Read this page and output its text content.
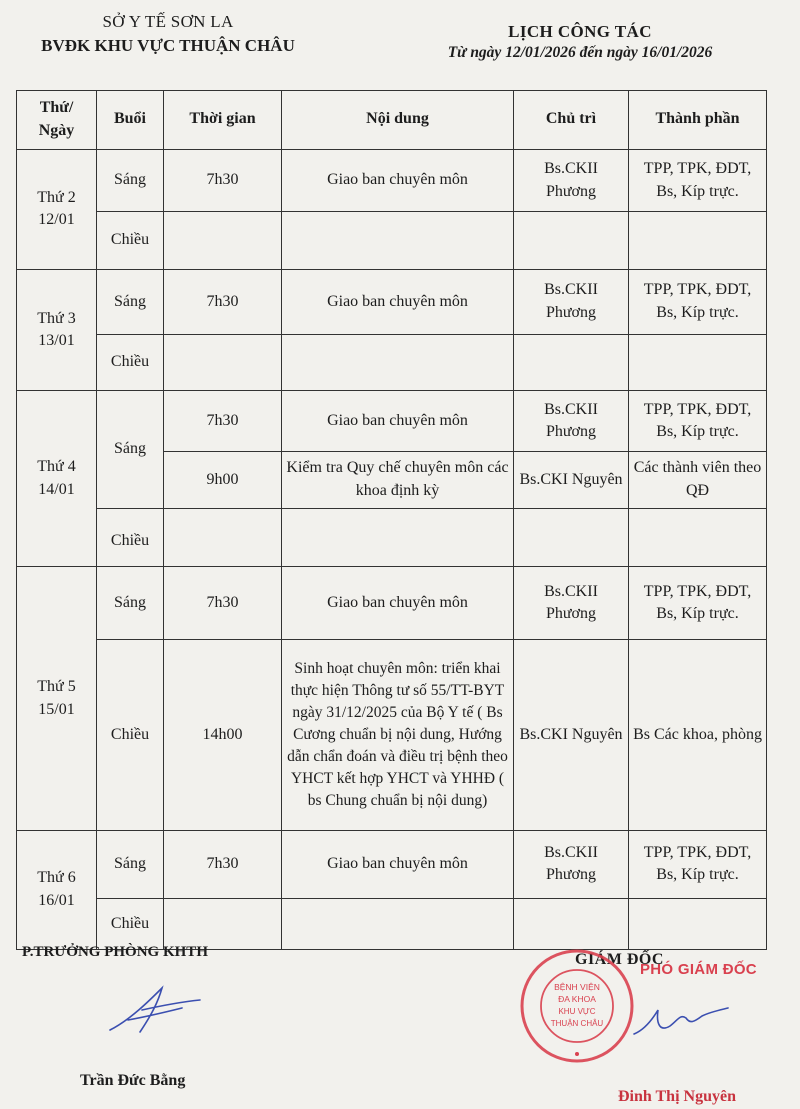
SỞ Y TẾ SƠN LA
BVĐK KHU VỰC THUẬN CHÂU
LỊCH CÔNG TÁC
Từ ngày 12/01/2026 đến ngày 16/01/2026
Thứ/ Ngày	Buổi	Thời gian	Nội dung	Chủ trì	Thành phần
Thứ 2 12/01	Sáng	7h30	Giao ban chuyên môn	Bs.CKII Phương	TPP, TPK, ĐDT, Bs, Kíp trực.
	Chiều				
Thứ 3 13/01	Sáng	7h30	Giao ban chuyên môn	Bs.CKII Phương	TPP, TPK, ĐDT, Bs, Kíp trực.
	Chiều				
Thứ 4 14/01	Sáng	7h30	Giao ban chuyên môn	Bs.CKII Phương	TPP, TPK, ĐDT, Bs, Kíp trực.
		9h00	Kiểm tra Quy chế chuyên môn các khoa định kỳ	Bs.CKI Nguyên	Các thành viên theo QĐ
	Chiều				
Thứ 5 15/01	Sáng	7h30	Giao ban chuyên môn	Bs.CKII Phương	TPP, TPK, ĐDT, Bs, Kíp trực.
	Chiều	14h00	Sinh hoạt chuyên môn: triển khai thực hiện Thông tư số 55/TT-BYT ngày 31/12/2025 của Bộ Y tế ( Bs Cương chuẩn bị nội dung, Hướng dẫn chẩn đoán và điều trị bệnh theo YHCT kết hợp YHCT và YHHĐ ( bs Chung chuẩn bị nội dung)	Bs.CKI Nguyên	Bs Các khoa, phòng
Thứ 6 16/01	Sáng	7h30	Giao ban chuyên môn	Bs.CKII Phương	TPP, TPK, ĐDT, Bs, Kíp trực.
	Chiều				
P.TRƯỞNG PHÒNG KHTH
Trần Đức Bằng
GIÁM ĐỐC
PHÓ GIÁM ĐỐC
BỆNH VIỆN
ĐA KHOA
KHU VỰC
THUẬN CHÂU
Đinh Thị Nguyên
